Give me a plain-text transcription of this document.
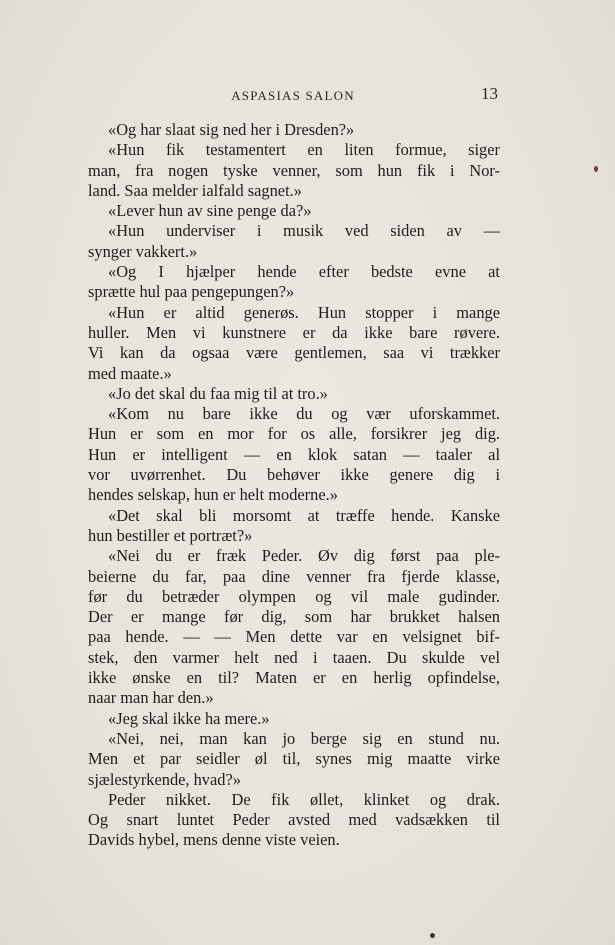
ASPASIAS SALON	13
«Og har slaat sig ned her i Dresden?»
«Hun fik testamentert en liten formue, siger
man, fra nogen tyske venner, som hun fik i Nor-
land. Saa melder ialfald sagnet.»
«Lever hun av sine penge da?»
«Hun underviser i musik ved siden av —
synger vakkert.»
«Og I hjælper hende efter bedste evne at
sprætte hul paa pengepungen?»
«Hun er altid generøs. Hun stopper i mange
huller. Men vi kunstnere er da ikke bare røvere.
Vi kan da ogsaa være gentlemen, saa vi trækker
med maate.»
«Jo det skal du faa mig til at tro.»
«Kom nu bare ikke du og vær uforskammet.
Hun er som en mor for os alle, forsikrer jeg dig.
Hun er intelligent — en klok satan — taaler al
vor uvørrenhet. Du behøver ikke genere dig i
hendes selskap, hun er helt moderne.»
«Det skal bli morsomt at træffe hende. Kanske
hun bestiller et portræt?»
«Nei du er fræk Peder. Øv dig først paa ple-
beierne du far, paa dine venner fra fjerde klasse,
før du betræder olympen og vil male gudinder.
Der er mange før dig, som har brukket halsen
paa hende. — — Men dette var en velsignet bif-
stek, den varmer helt ned i taaen. Du skulde vel
ikke ønske en til? Maten er en herlig opfindelse,
naar man har den.»
«Jeg skal ikke ha mere.»
«Nei, nei, man kan jo berge sig en stund nu.
Men et par seidler øl til, synes mig maatte virke
sjælestyrkende, hvad?»
Peder nikket. De fik øllet, klinket og drak.
Og snart luntet Peder avsted med vadsækken til
Davids hybel, mens denne viste veien.
